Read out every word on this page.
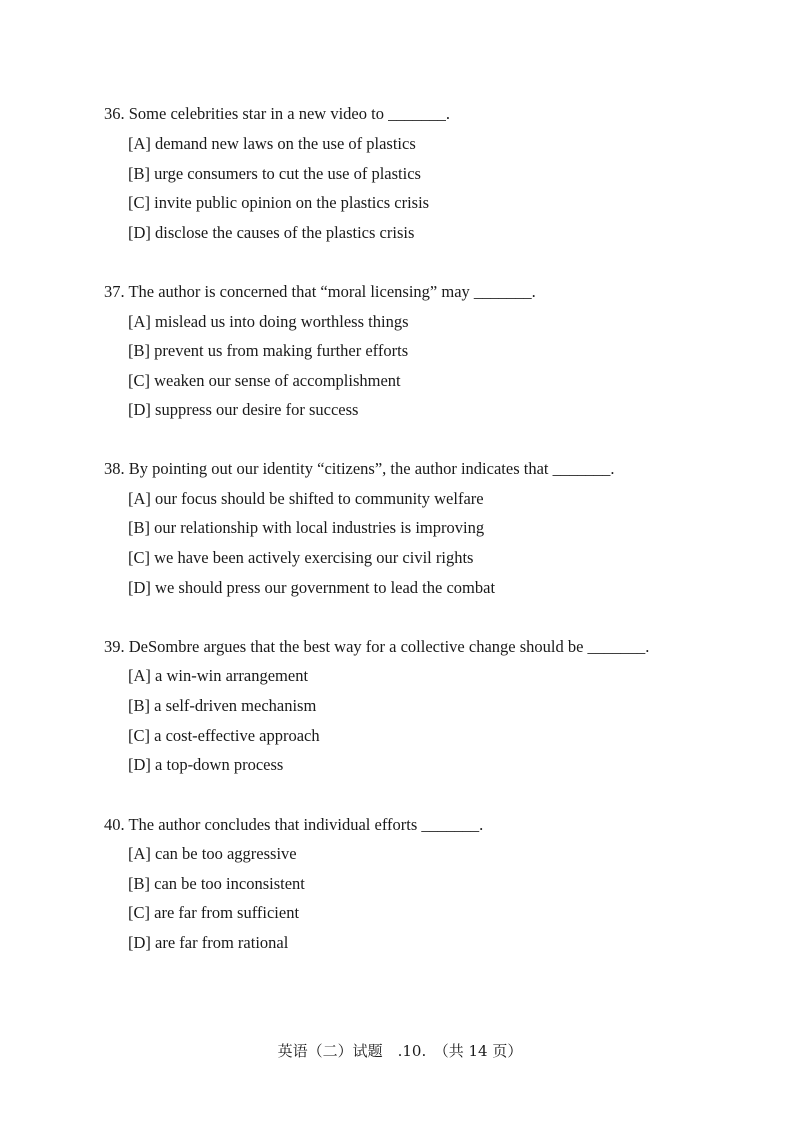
36. Some celebrities star in a new video to _______.
[A] demand new laws on the use of plastics
[B] urge consumers to cut the use of plastics
[C] invite public opinion on the plastics crisis
[D] disclose the causes of the plastics crisis
37. The author is concerned that “moral licensing” may _______.
[A] mislead us into doing worthless things
[B] prevent us from making further efforts
[C] weaken our sense of accomplishment
[D] suppress our desire for success
38. By pointing out our identity “citizens”, the author indicates that _______.
[A] our focus should be shifted to community welfare
[B] our relationship with local industries is improving
[C] we have been actively exercising our civil rights
[D] we should press our government to lead the combat
39. DeSombre argues that the best way for a collective change should be _______.
[A] a win-win arrangement
[B] a self-driven mechanism
[C] a cost-effective approach
[D] a top-down process
40. The author concludes that individual efforts _______.
[A] can be too aggressive
[B] can be too inconsistent
[C] are far from sufficient
[D] are far from rational
英语（二）试题　.10.　（共 14 页）
